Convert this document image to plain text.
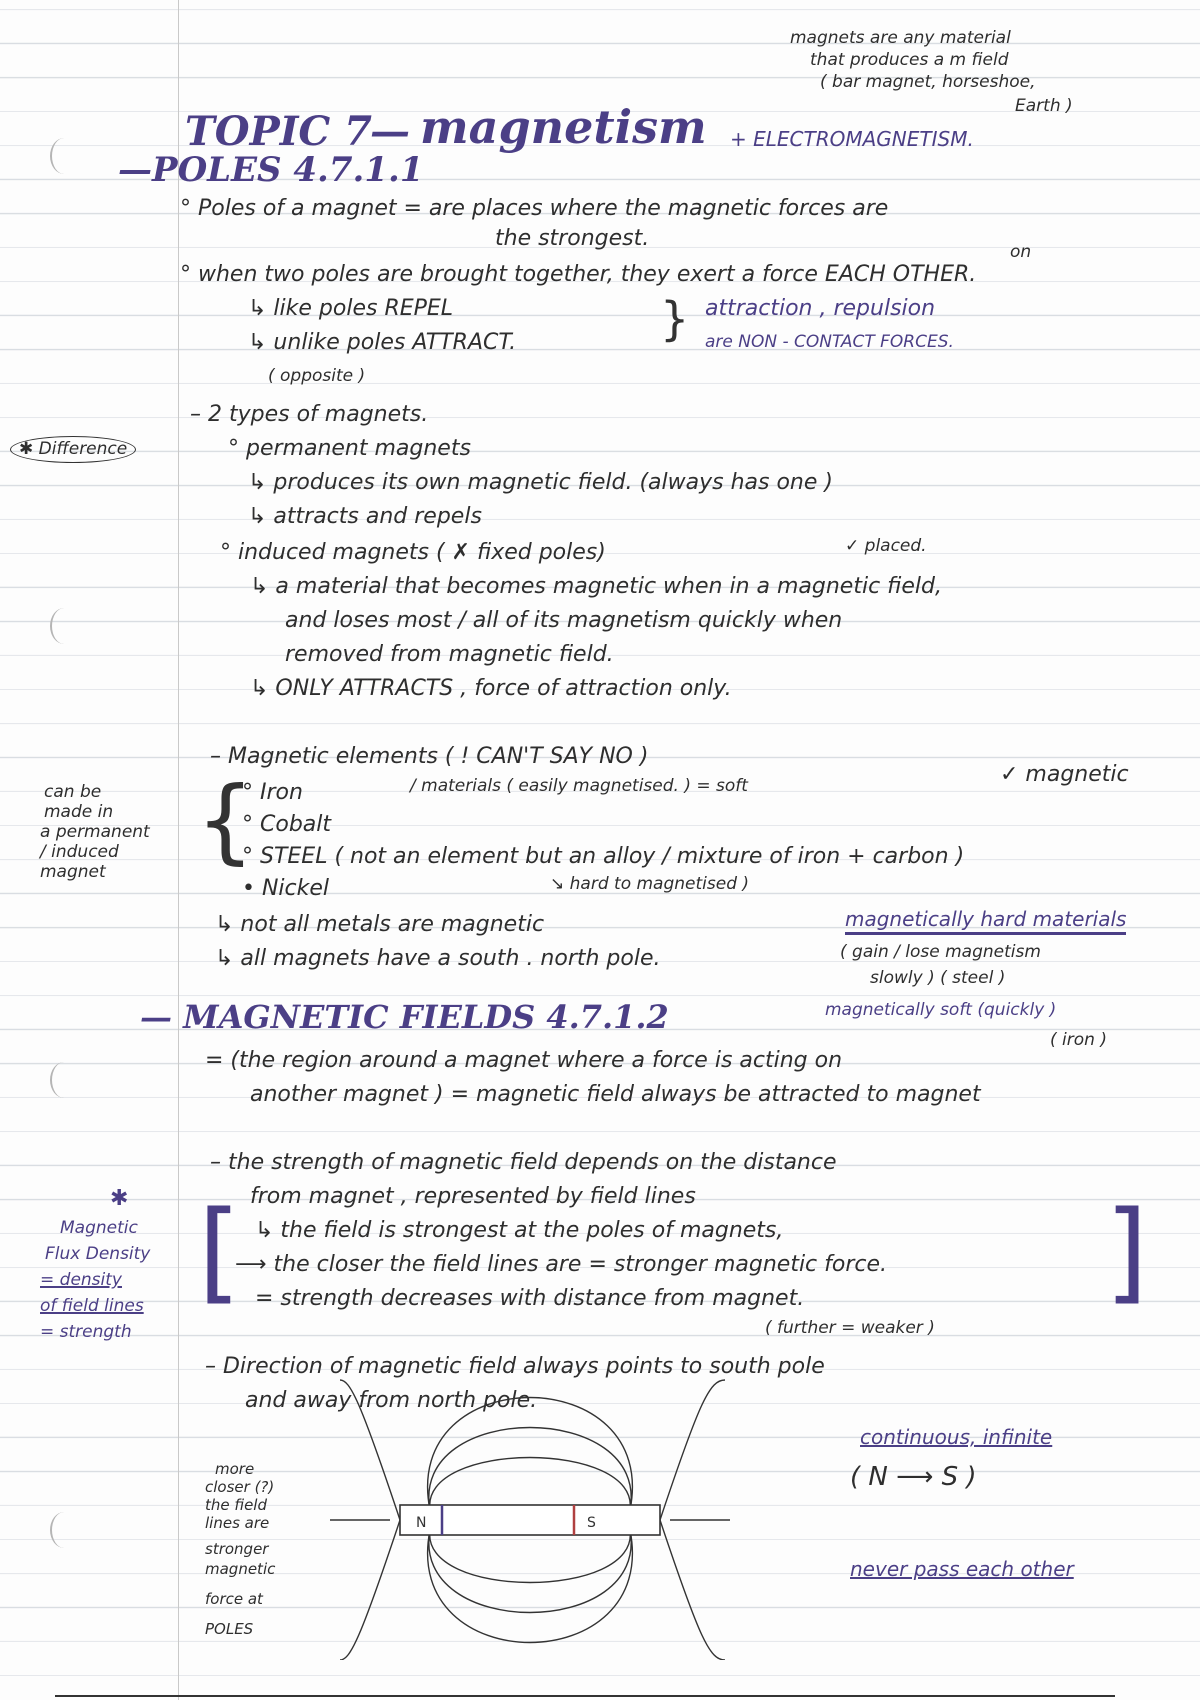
magnets are any material
that produces a m field
( bar magnet, horseshoe,
Earth )
TOPIC 7
— magnetism + ELECTROMAGNETISM.
—POLES 4.7.1.1
° Poles of a magnet = are places where the magnetic forces are
the strongest.
on
° when two poles are brought together, they exert a force EACH OTHER.
↳ like poles REPEL
↳ unlike poles ATTRACT.
( opposite )
} attraction , repulsion
are NON - CONTACT FORCES.
✱ Difference
– 2 types of magnets.
° permanent magnets
↳ produces its own magnetic field. (always has one )
↳ attracts and repels
° induced magnets ( ✗ fixed poles)	✓ placed.
↳ a material that becomes magnetic when in a magnetic field,
and loses most / all of its magnetism quickly when
removed from magnetic field.
↳ ONLY ATTRACTS , force of attraction only.
– Magnetic elements ( ! CAN'T SAY NO )
/ materials ( easily magnetised. ) = soft	✓ magnetic
can be
made in
a permanent
/ induced
magnet {
° Iron
° Cobalt
° STEEL ( not an element but an alloy / mixture of iron + carbon )
↘ hard to magnetised )
• Nickel
↳ not all metals are magnetic
↳ all magnets have a south . north pole.
magnetically hard materials
( gain / lose magnetism
slowly ) ( steel )
magnetically soft (quickly )
( iron )
— MAGNETIC FIELDS 4.7.1.2
= (the region around a magnet where a force is acting on
another magnet ) = magnetic field always be attracted to magnet
– the strength of magnetic field depends on the distance
from magnet , represented by field lines
↳ the field is strongest at the poles of magnets,
⟶ the closer the field lines are = stronger magnetic force.
= strength decreases with distance from magnet.
( further = weaker )
[	]
✱
Magnetic
Flux Density
= density
of field lines
= strength
– Direction of magnetic field always points to south pole
and away from north pole.
more
closer (?)
the field
lines are
stronger
magnetic
force at
POLES
N	S
continuous, infinite
( N ⟶ S )
never pass each other
